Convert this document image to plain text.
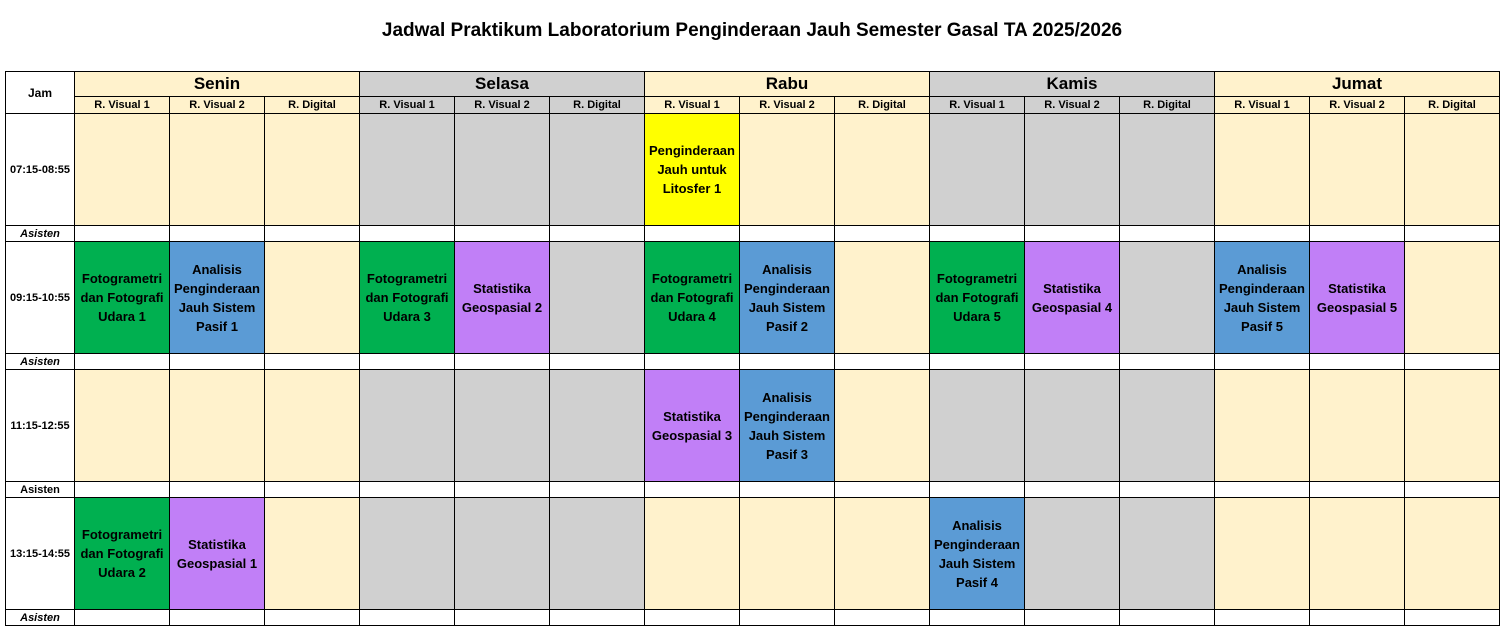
Jadwal Praktikum Laboratorium Penginderaan Jauh Semester Gasal TA 2025/2026
Jam	Senin			Selasa			Rabu			Kamis			Jumat		
	R. Visual 1	R. Visual 2	R. Digital	R. Visual 1	R. Visual 2	R. Digital	R. Visual 1	R. Visual 2	R. Digital	R. Visual 1	R. Visual 2	R. Digital	R. Visual 1	R. Visual 2	R. Digital
07:15-08:55							Penginderaan Jauh untuk Litosfer 1								
Asisten															
09:15-10:55	Fotogrametri dan Fotografi Udara 1	Analisis Penginderaan Jauh Sistem Pasif 1		Fotogrametri dan Fotografi Udara 3	Statistika Geospasial 2		Fotogrametri dan Fotografi Udara 4	Analisis Penginderaan Jauh Sistem Pasif 2		Fotogrametri dan Fotografi Udara 5	Statistika Geospasial 4		Analisis Penginderaan Jauh Sistem Pasif 5	Statistika Geospasial 5	
Asisten															
11:15-12:55							Statistika Geospasial 3	Analisis Penginderaan Jauh Sistem Pasif 3							
Asisten															
13:15-14:55	Fotogrametri dan Fotografi Udara 2	Statistika Geospasial 1								Analisis Penginderaan Jauh Sistem Pasif 4					
Asisten															
